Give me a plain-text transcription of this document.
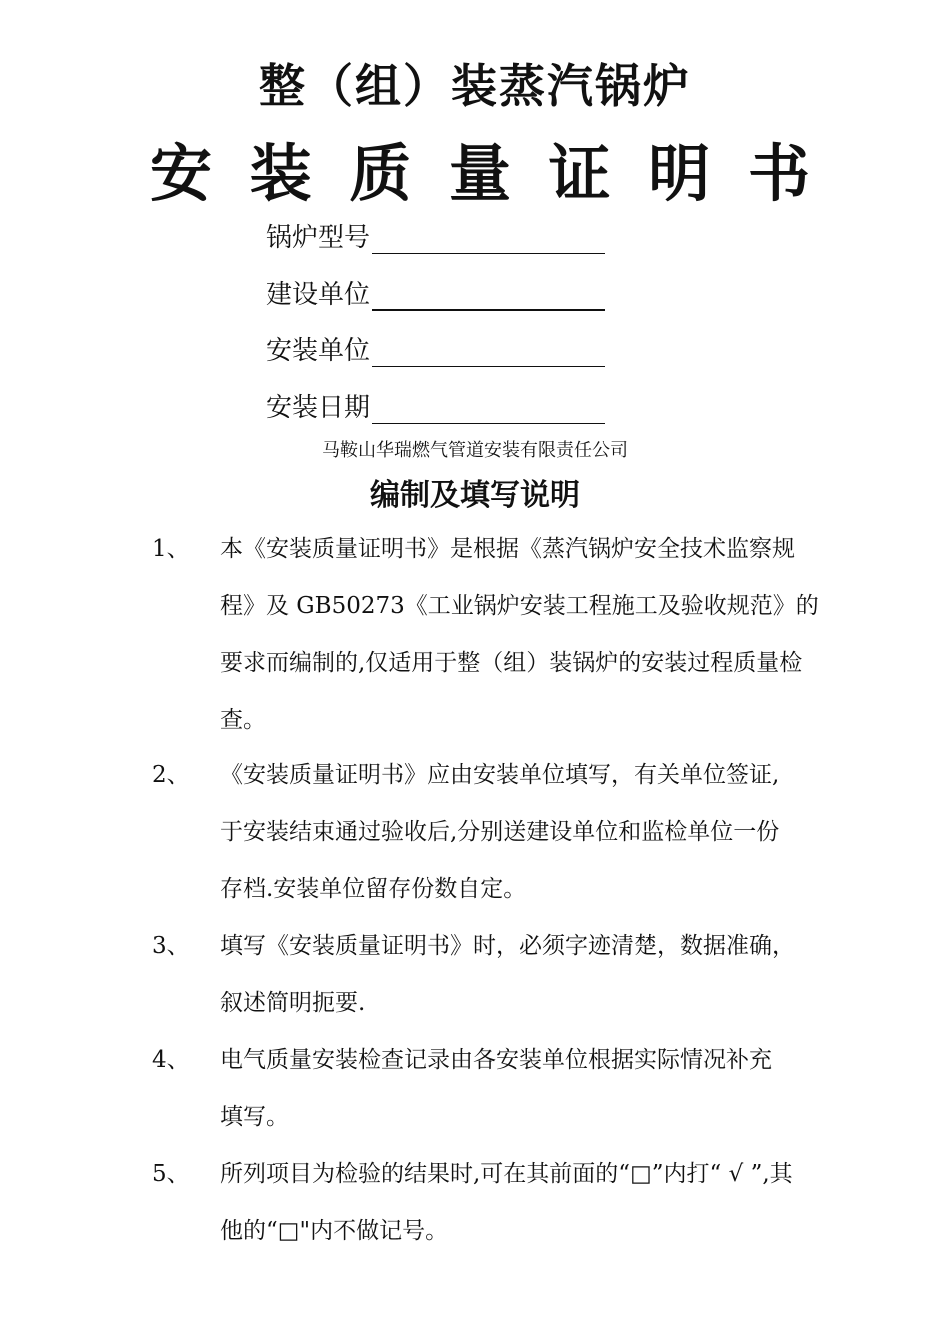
整（组）装蒸汽锅炉
安 装 质 量 证 明 书
锅炉型号
建设单位
安装单位
安装日期
马鞍山华瑞燃气管道安装有限责任公司
编制及填写说明
1、 本《安装质量证明书》是根据《蒸汽锅炉安全技术监察规
程》及 GB50273《工业锅炉安装工程施工及验收规范》的
要求而编制的,仅适用于整（组）装锅炉的安装过程质量检
查。
2、 《安装质量证明书》应由安装单位填写，有关单位签证,
于安装结束通过验收后,分别送建设单位和监检单位一份
存档.安装单位留存份数自定。
3、 填写《安装质量证明书》时，必须字迹清楚，数据准确，
叙述简明扼要.
4、 电气质量安装检查记录由各安装单位根据实际情况补充
填写。
5、 所列项目为检验的结果时,可在其前面的“□”内打“ √ ”,其
他的“□"内不做记号。
